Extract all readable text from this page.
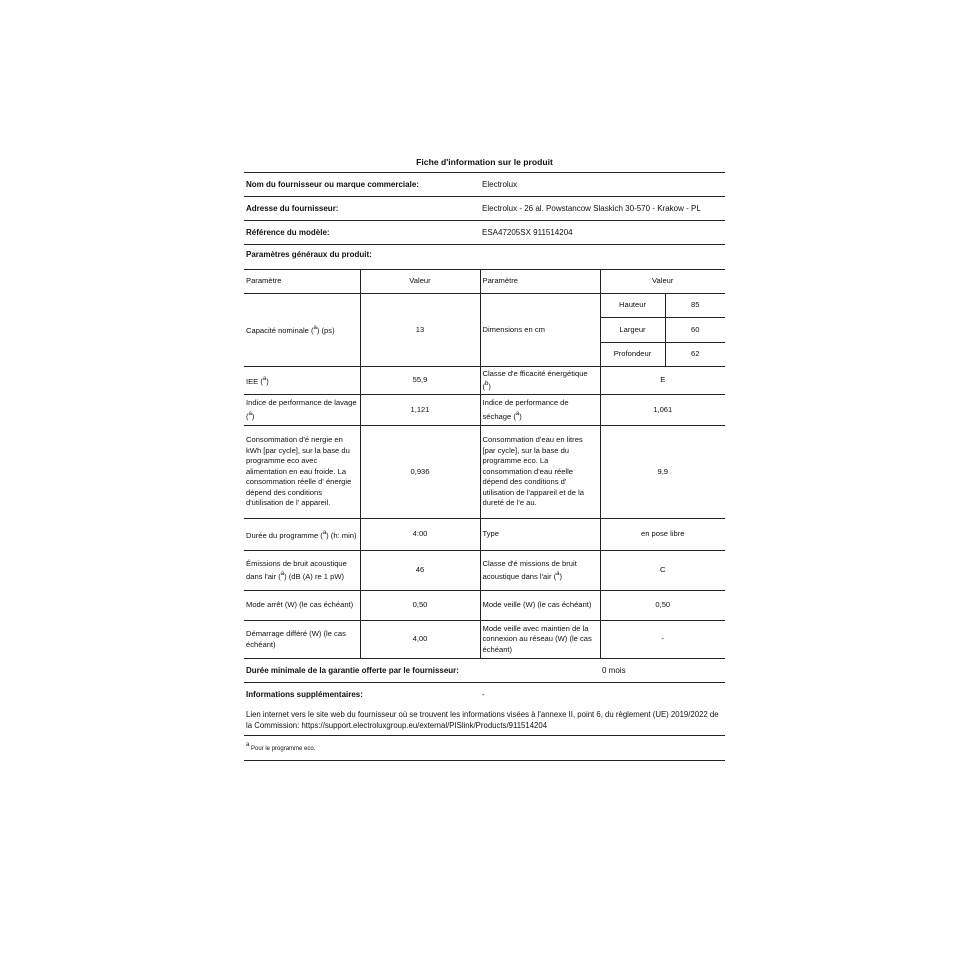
Fiche d'information sur le produit
Nom du fournisseur ou marque commerciale:	Electrolux
Adresse du fournisseur:	Electrolux - 26 al. Powstancow Slaskich 30-570 - Krakow - PL
Référence du modèle:	ESA47205SX 911514204
Paramètres généraux du produit:
Paramètre	Valeur	Paramètre	Valeur
Capacité nominale ($^a$) (ps)	13	Dimensions en cm	
Hauteur	85
Largeur	60
Profondeur	62

IEE ($^a$)	55,9	Classe d'e fficacité énergétique ($^b$)	E
Indice de performance de lavage ($^a$)	1,121	Indice de performance de séchage ($^a$)	1,061
Consommation d'é nergie en kWh [par cycle], sur la base du programme eco avec alimentation en eau froide. La consommation réelle d' énergie dépend des conditions d'utilisation de l' appareil.	0,936	Consommation d'eau en litres [par cycle], sur la base du programme eco. La consommation d'eau réelle dépend des conditions d' utilisation de l'appareil et de la dureté de l'e au.	9,9
Durée du programme ($^a$) (h: min)	4:00	Type	en pose libre
Émissions de bruit acoustique dans l'air ($^a$) (dB (A) re 1 pW)	46	Classe d'é missions de bruit acoustique dans l'air ($^a$)	C
Mode arrêt (W) (le cas échéant)	0,50	Mode veille (W) (le cas échéant)	0,50
Démarrage différé (W) (le cas échéant)	4,00	Mode veille avec maintien de la connexion au réseau (W) (le cas échéant)	-
Durée minimale de la garantie offerte par le fournisseur:	0 mois
Informations supplémentaires:	-
Lien internet vers le site web du fournisseur où se trouvent les informations visées à l'annexe II, point 6, du règlement (UE) 2019/2022 de la Commission: https://support.electroluxgroup.eu/external/PISlink/Products/911514204
a Pour le programme eco.
